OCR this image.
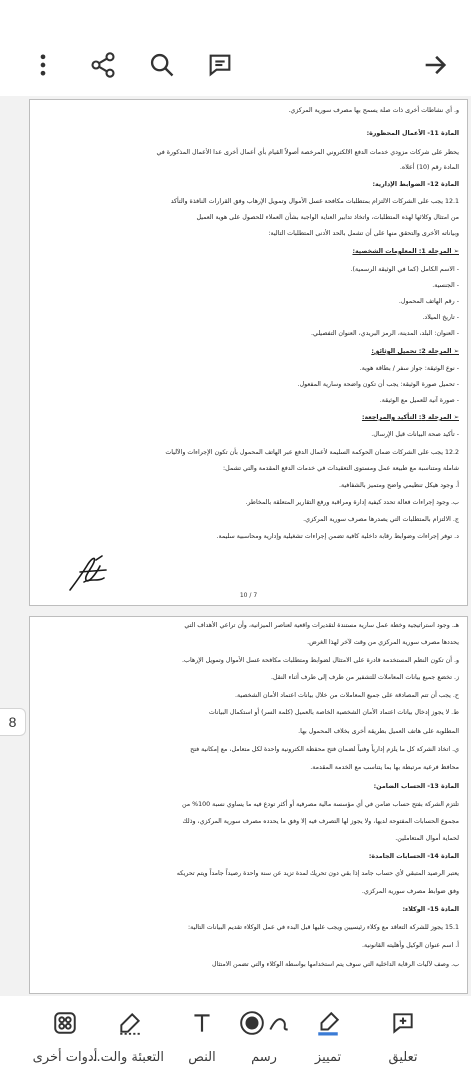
و. أي نشاطات أخرى ذات صلة يسمح بها مصرف سورية المركزي.
المادة 11- الأعمال المحظورة:
يحظر على شركات مزودي خدمات الدفع الالكتروني المرخصة أصولاً القيام بأي أعمال أخرى عدا الأعمال المذكورة في
المادة رقم (10) أعلاه.
المادة 12- الضوابط الإدارية:
12.1 يجب على الشركات الالتزام بمتطلبات مكافحة غسل الأموال وتمويل الإرهاب وفق القرارات النافذة والتأكد
من امتثال وكلائها لهذه المتطلبات، واتخاذ تدابير العناية الواجبة بشأن العملاء للحصول على هوية العميل
وبياناته الأخرى والتحقق منها على أن تشمل بالحد الأدنى المتطلبات التالية:
➢ المرحلة 1: المعلومات الشخصية:
- الاسم الكامل (كما في الوثيقة الرسمية).
- الجنسية.
- رقم الهاتف المحمول.
- تاريخ الميلاد.
- العنوان: البلد، المدينة، الرمز البريدي، العنوان التفصيلي.
➢ المرحلة 2: تحميل الوثائق:
- نوع الوثيقة: جواز سفر / بطاقة هوية.
- تحميل صورة الوثيقة: يجب أن تكون واضحة وسارية المفعول.
- صورة آنية للعميل مع الوثيقة.
➢ المرحلة 3: التأكيد والمراجعة:
- تأكيد صحة البيانات قبل الإرسال.
12.2 يجب على الشركات ضمان الحوكمة السليمة لأعمال الدفع عبر الهاتف المحمول بأن تكون الإجراءات والآليات
شاملة ومتناسبة مع طبيعة عمل ومستوى التعقيدات في خدمات الدفع المقدمة والتي تشمل:
أ. وجود هيكل تنظيمي واضح ومتميز بالشفافية.
ب. وجود إجراءات فعالة تحدد كيفية إدارة ومراقبة ورفع التقارير المتعلقة بالمخاطر.
ج. الالتزام بالمتطلبات التي يصدرها مصرف سورية المركزي.
د. توفر إجراءات وضوابط رقابة داخلية كافية تضمن إجراءات تشغيلية وإدارية ومحاسبية سليمة.
10 / 7
هـ. وجود استراتيجية وخطة عمل سارية مستندة لتقديرات واقعية لعناصر الميزانية، وأن تراعي الأهداف التي
يحددها مصرف سورية المركزي من وقت لآخر لهذا الغرض.
و. أن تكون النظم المستخدمة قادرة على الامتثال لضوابط ومتطلبات مكافحة غسل الأموال وتمويل الإرهاب.
ز. تخضع جميع بيانات المعاملات للتشفير من طرف إلى طرف أثناء النقل.
ح. يجب أن تتم المصادقة على جميع المعاملات من خلال بيانات اعتماد الأمان الشخصية.
ط. لا يجوز إدخال بيانات اعتماد الأمان الشخصية الخاصة بالعميل (كلمة السر) أو استكمال البيانات
المطلوبة على هاتف العميل بطريقة أخرى بخلاف المحمول بها.
ي. اتخاذ الشركة كل ما يلزم إدارياً وفنياً لضمان فتح محفظة الكترونية واحدة لكل متعامل، مع إمكانية فتح
محافظ فرعية مرتبطة بها بما يتناسب مع الخدمة المقدمة.
المادة 13- الحساب الضامن:
تلتزم الشركة بفتح حساب ضامن في أي مؤسسة مالية مصرفية أو أكثر تودع فيه ما يساوي نسبة 100% من
مجموع الحسابات المفتوحة لديها، ولا يجوز لها التصرف فيه إلا وفق ما يحدده مصرف سورية المركزي، وذلك
لحماية أموال المتعاملين.
المادة 14- الحسابات الجامدة:
يعتبر الرصيد المتبقي لأي حساب جامد إذا بقي دون تحريك لمدة تزيد عن سنة واحدة رصيداً جامداً ويتم تحريكه
وفق ضوابط مصرف سورية المركزي.
المادة 15- الوكلاء:
15.1 يجوز للشركة التعاقد مع وكلاء رئيسيين ويجب عليها قبل البدء في عمل الوكلاء تقديم البيانات التالية:
أ. اسم عنوان الوكيل وأهليته القانونية.
ب. وصف لآليات الرقابة الداخلية التي سوف يتم استخدامها بواسطة الوكلاء والتي تضمن الامتثال
8
أدوات أخرى
التعبئة والت...	النص	رسم	تمييز	تعليق
